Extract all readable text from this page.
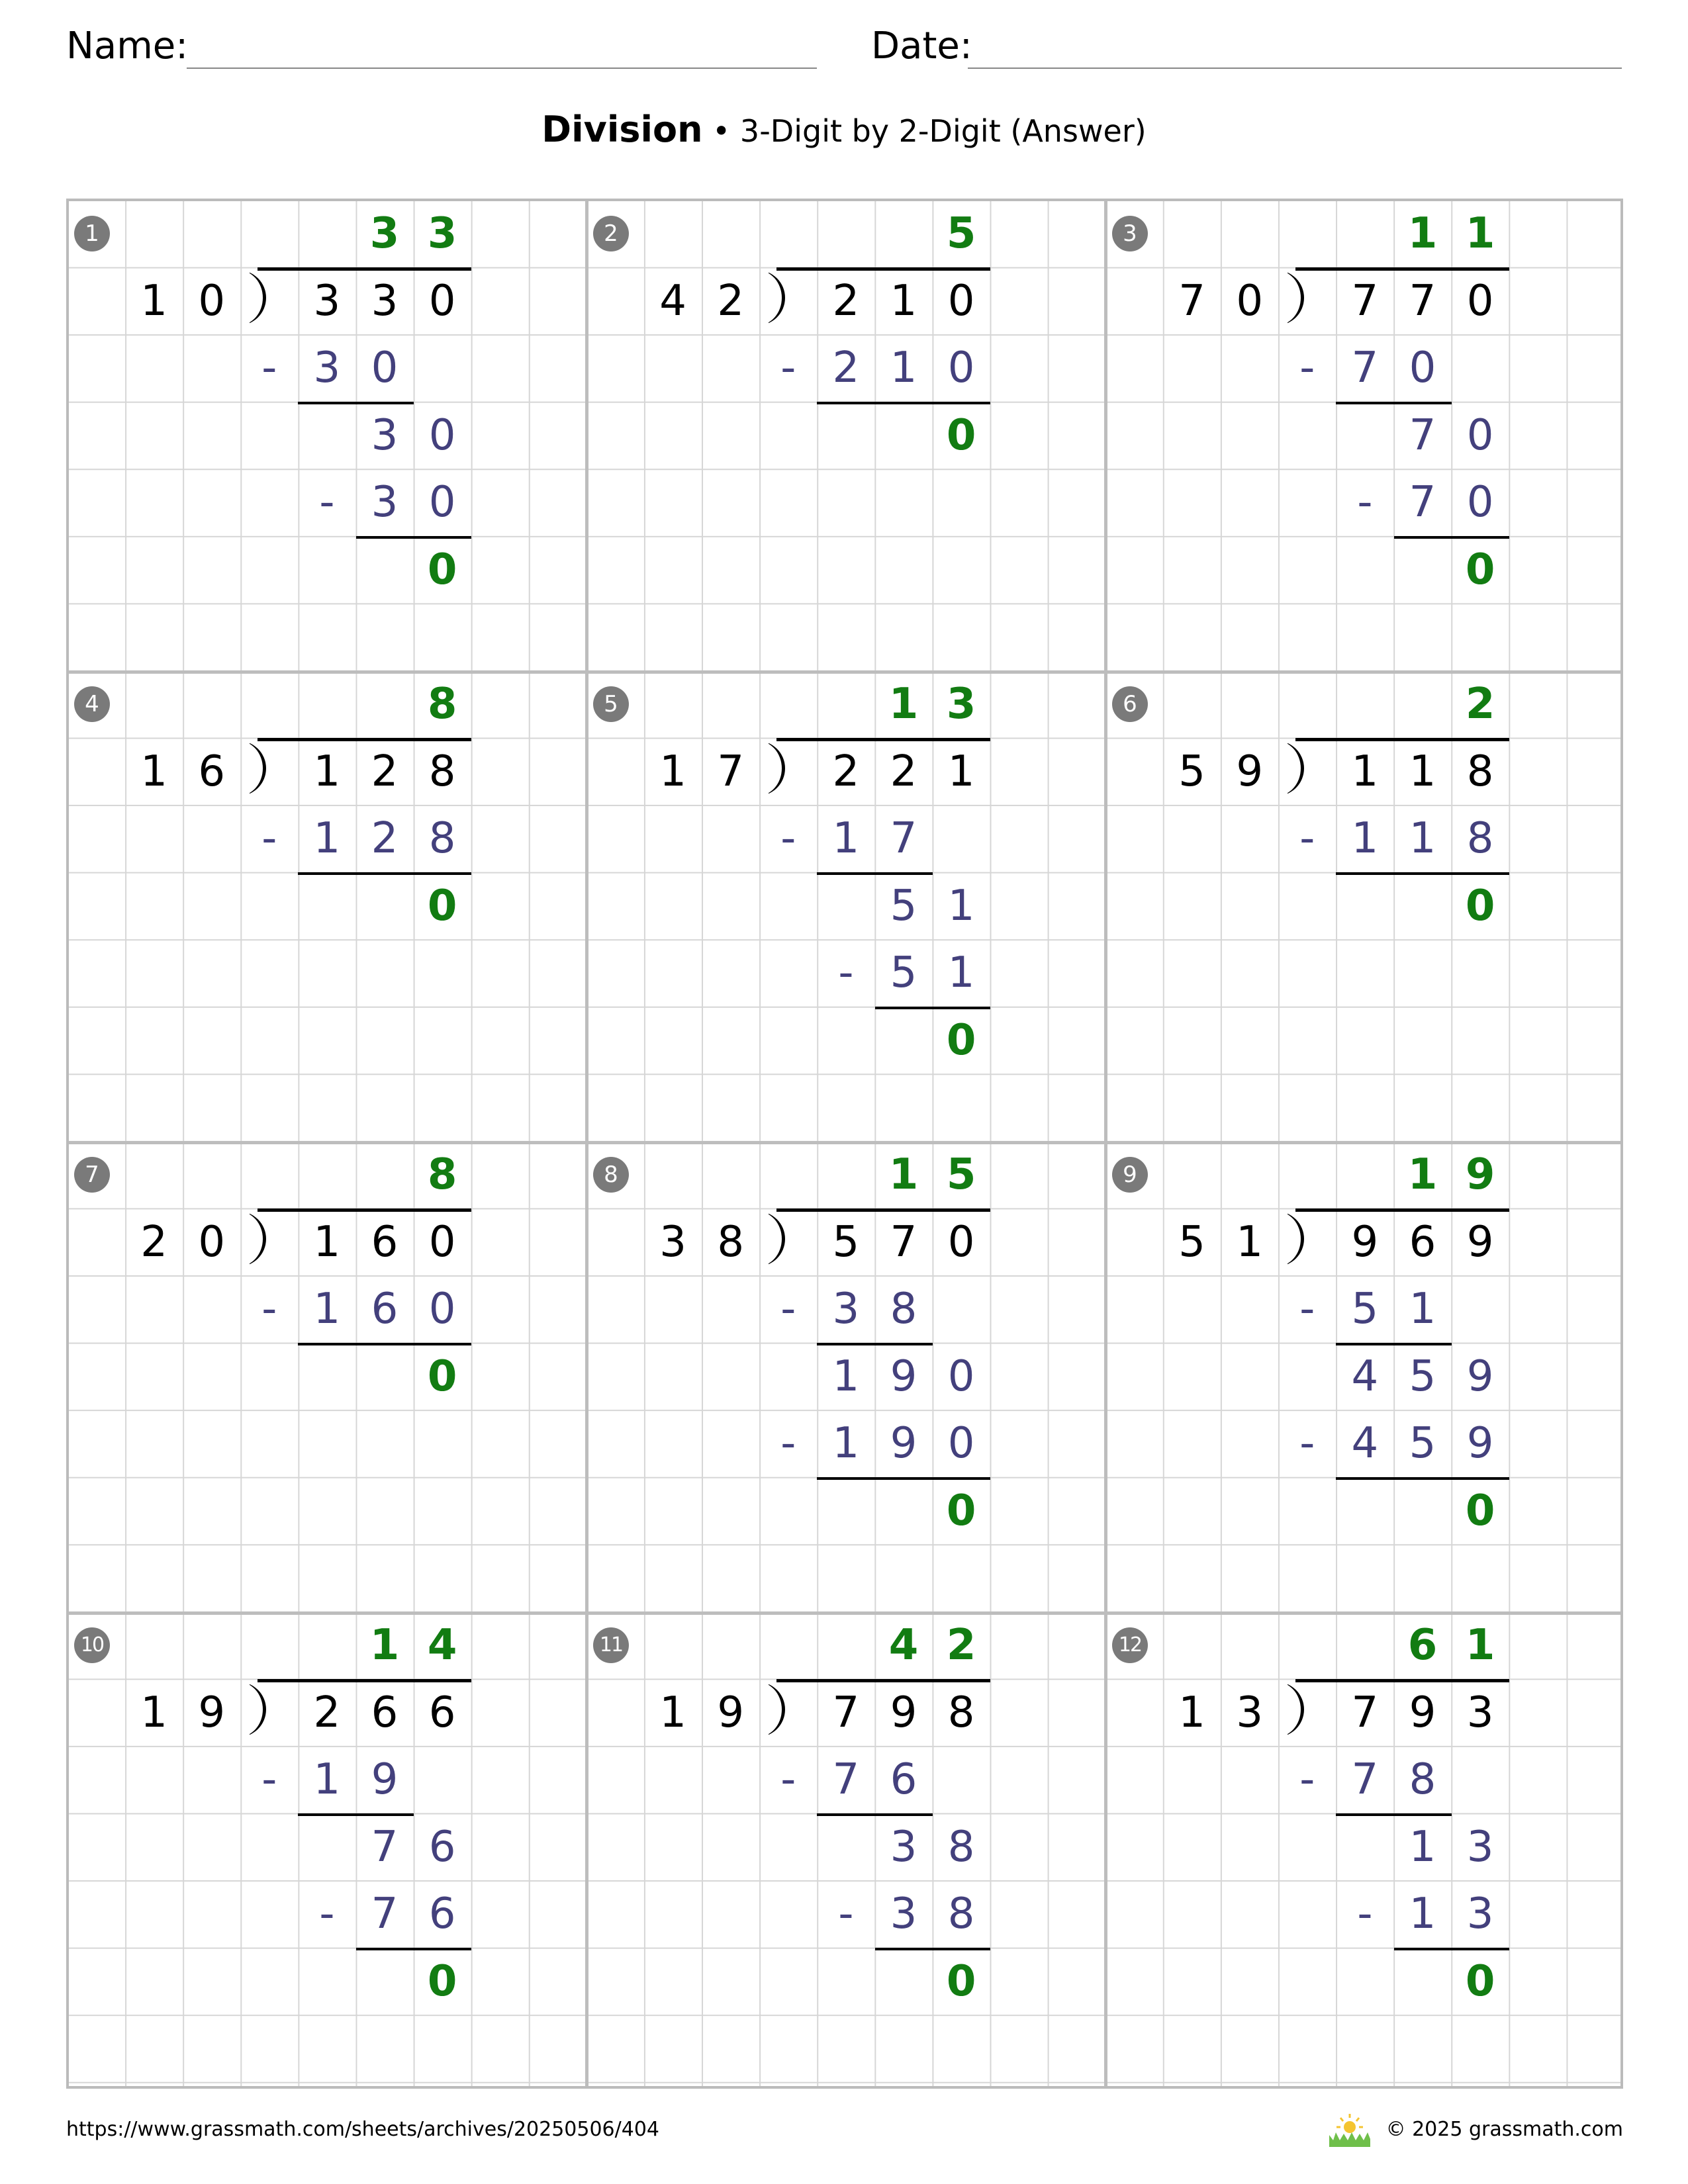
Name:	Date:
Division • 3-Digit by 2-Digit (Answer)
1
3 3 0
1 0
3 3
- 3 0
3 0
- 3 0
0
2
2 1 0
4 2
5
- 2 1 0
0
3
7 7 0
7 0
1 1
- 7 0
7 0
- 7 0
0
4
1 2 8
1 6
8
- 1 2 8
0
5
2 2 1
1 7
1 3
- 1 7
5 1
- 5 1
0
6
1 1 8
5 9
2
- 1 1 8
0
7
1 6 0
2 0
8
- 1 6 0
0
8
5 7 0
3 8
1 5
- 3 8
1 9 0
- 1 9 0
0
9
9 6 9
5 1
1 9
- 5 1
4 5 9
- 4 5 9
0
10
2 6 6
1 9
1 4
- 1 9
7 6
- 7 6
0
11
7 9 8
1 9
4 2
- 7 6
3 8
- 3 8
0
12
7 9 3
1 3
6 1
- 7 8
1 3
- 1 3
0
https://www.grassmath.com/sheets/archives/20250506/404	© 2025 grassmath.com
